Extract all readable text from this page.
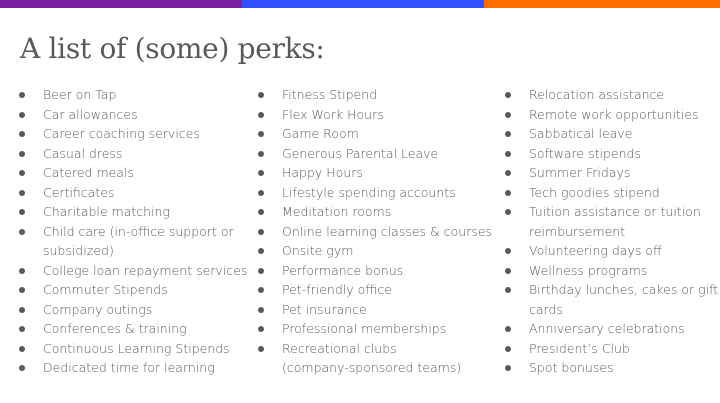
A list of (some) perks:
Beer on Tap
Car allowances
Career coaching services
Casual dress
Catered meals
Certificates
Charitable matching
Child care (in-office support or
subsidized)
College loan repayment services
Commuter Stipends
Company outings
Conferences & training
Continuous Learning Stipends
Dedicated time for learning
Fitness Stipend
Flex Work Hours
Game Room
Generous Parental Leave
Happy Hours
Lifestyle spending accounts
Meditation rooms
Online learning classes & courses
Onsite gym
Performance bonus
Pet-friendly office
Pet insurance
Professional memberships
Recreational clubs
(company-sponsored teams)
Relocation assistance
Remote work opportunities
Sabbatical leave
Software stipends
Summer Fridays
Tech goodies stipend
Tuition assistance or tuition
reimbursement
Volunteering days off
Wellness programs
Birthday lunches, cakes or gift
cards
Anniversary celebrations
President’s Club
Spot bonuses
